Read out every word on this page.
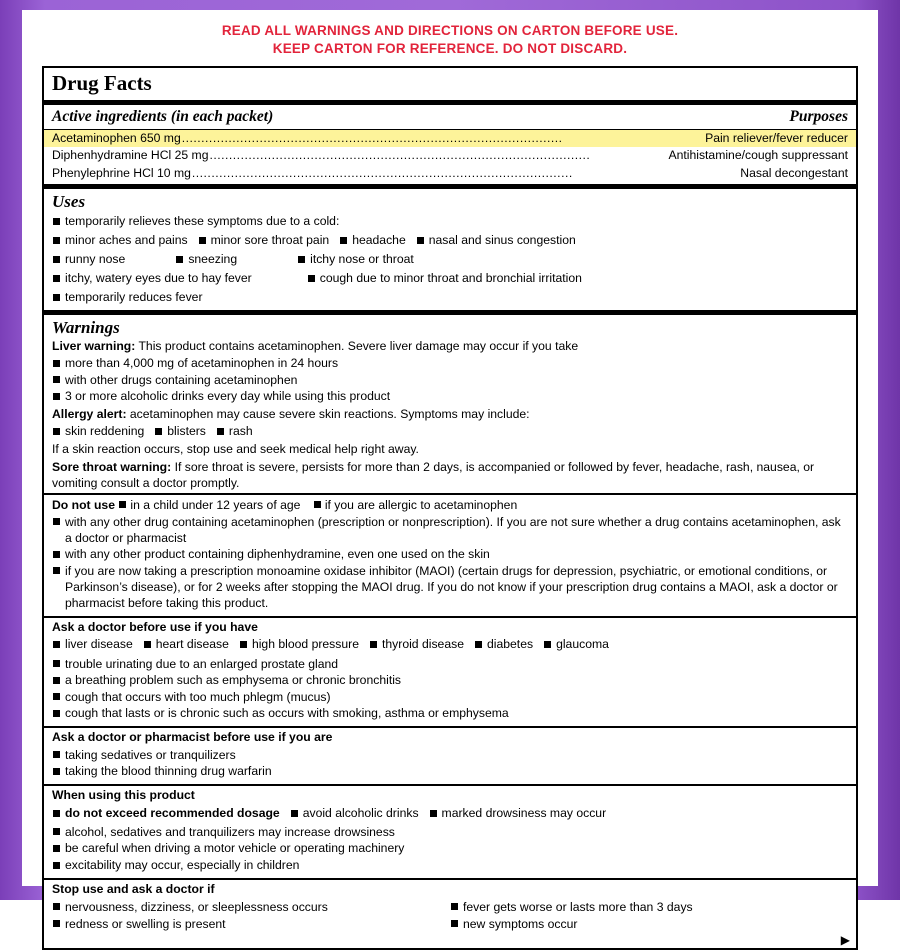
READ ALL WARNINGS AND DIRECTIONS ON CARTON BEFORE USE.
KEEP CARTON FOR REFERENCE. DO NOT DISCARD.
Drug Facts
Active ingredients (in each packet)	Purposes
Acetaminophen 650 mg ..................................................................................................	Pain reliever/fever reducer
Diphenhydramine HCl 25 mg ..................................................................................................	Antihistamine/cough suppressant
Phenylephrine HCl 10 mg ..................................................................................................	Nasal decongestant
Uses
temporarily relieves these symptoms due to a cold:
minor aches and pains minor sore throat pain headache nasal and sinus congestion
runny nose	sneezing	itchy nose or throat
itchy, watery eyes due to hay fever	cough due to minor throat and bronchial irritation
temporarily reduces fever
Warnings
Liver warning: This product contains acetaminophen. Severe liver damage may occur if you take
more than 4,000 mg of acetaminophen in 24 hours
with other drugs containing acetaminophen
3 or more alcoholic drinks every day while using this product
Allergy alert: acetaminophen may cause severe skin reactions. Symptoms may include:
skin reddening blisters rash
If a skin reaction occurs, stop use and seek medical help right away.
Sore throat warning: If sore throat is severe, persists for more than 2 days, is accompanied or followed by fever, headache, rash, nausea, or vomiting consult a doctor promptly.
Do not use in a child under 12 years of age if you are allergic to acetaminophen
with any other drug containing acetaminophen (prescription or nonprescription). If you are not sure whether a drug contains acetaminophen, ask a doctor or pharmacist
with any other product containing diphenhydramine, even one used on the skin
if you are now taking a prescription monoamine oxidase inhibitor (MAOI) (certain drugs for depression, psychiatric, or emotional conditions, or Parkinson’s disease), or for 2 weeks after stopping the MAOI drug. If you do not know if your prescription drug contains a MAOI, ask a doctor or pharmacist before taking this product.
Ask a doctor before use if you have
liver disease heart disease high blood pressure thyroid disease diabetes glaucoma
trouble urinating due to an enlarged prostate gland
a breathing problem such as emphysema or chronic bronchitis
cough that occurs with too much phlegm (mucus)
cough that lasts or is chronic such as occurs with smoking, asthma or emphysema
Ask a doctor or pharmacist before use if you are
taking sedatives or tranquilizers
taking the blood thinning drug warfarin
When using this product
do not exceed recommended dosage avoid alcoholic drinks marked drowsiness may occur
alcohol, sedatives and tranquilizers may increase drowsiness
be careful when driving a motor vehicle or operating machinery
excitability may occur, especially in children
Stop use and ask a doctor if
nervousness, dizziness, or sleeplessness occurs
redness or swelling is present
fever gets worse or lasts more than 3 days
new symptoms occur
▶
